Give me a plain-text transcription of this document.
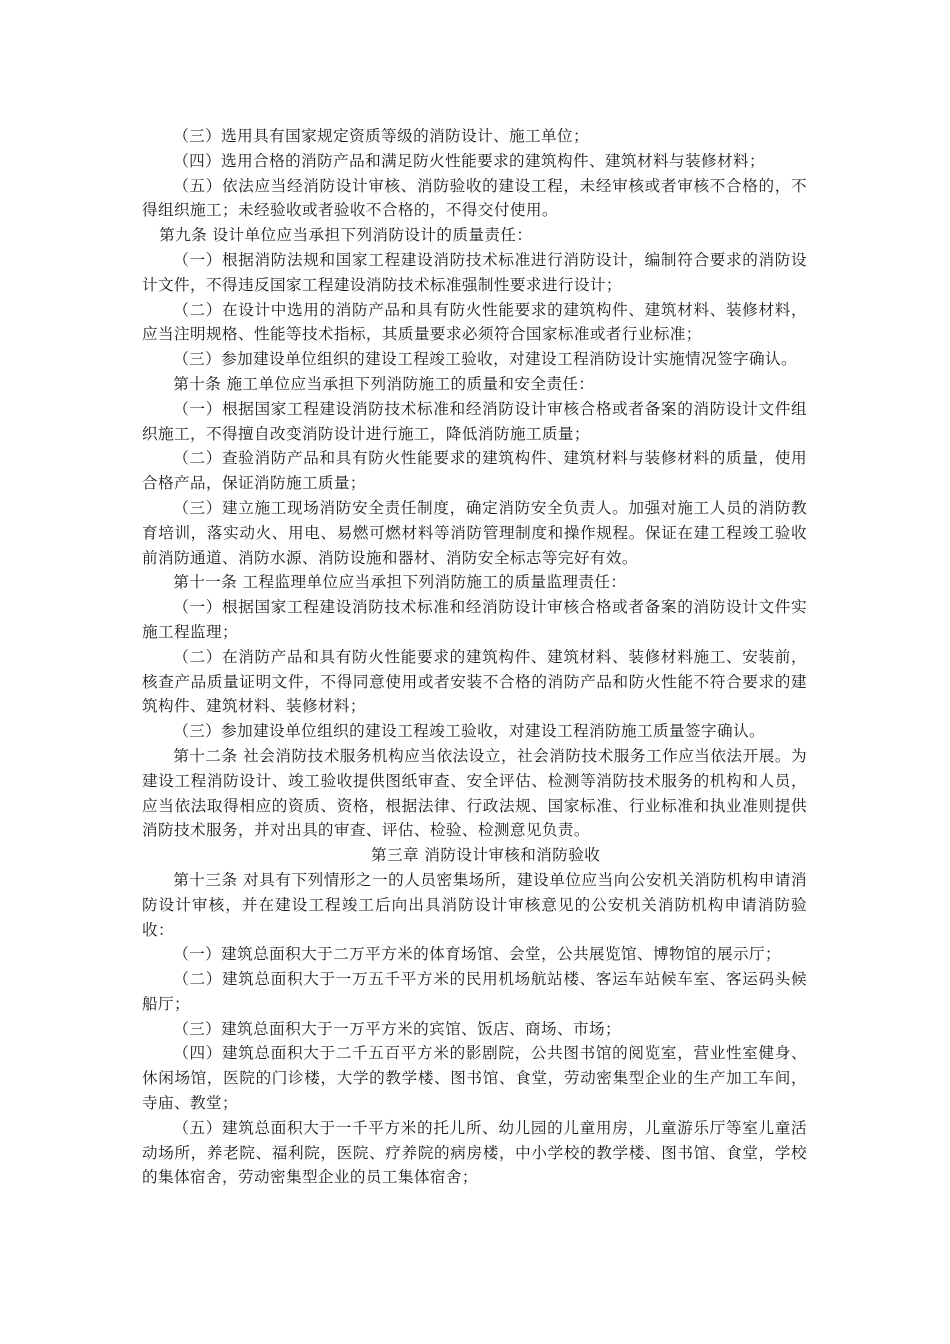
（三）选用具有国家规定资质等级的消防设计、施工单位；

（四）选用合格的消防产品和满足防火性能要求的建筑构件、建筑材料与装修材料；

（五）依法应当经消防设计审核、消防验收的建设工程，未经审核或者审核不合格的，不得组织施工；未经验收或者验收不合格的，不得交付使用。

第九条 设计单位应当承担下列消防设计的质量责任：

（一）根据消防法规和国家工程建设消防技术标准进行消防设计，编制符合要求的消防设计文件，不得违反国家工程建设消防技术标准强制性要求进行设计；

（二）在设计中选用的消防产品和具有防火性能要求的建筑构件、建筑材料、装修材料，应当注明规格、性能等技术指标，其质量要求必须符合国家标准或者行业标准；

（三）参加建设单位组织的建设工程竣工验收，对建设工程消防设计实施情况签字确认。

第十条 施工单位应当承担下列消防施工的质量和安全责任：

（一）根据国家工程建设消防技术标准和经消防设计审核合格或者备案的消防设计文件组织施工，不得擅自改变消防设计进行施工，降低消防施工质量；

（二）查验消防产品和具有防火性能要求的建筑构件、建筑材料与装修材料的质量，使用合格产品，保证消防施工质量；

（三）建立施工现场消防安全责任制度，确定消防安全负责人。加强对施工人员的消防教育培训，落实动火、用电、易燃可燃材料等消防管理制度和操作规程。保证在建工程竣工验收前消防通道、消防水源、消防设施和器材、消防安全标志等完好有效。

第十一条 工程监理单位应当承担下列消防施工的质量监理责任：

（一）根据国家工程建设消防技术标准和经消防设计审核合格或者备案的消防设计文件实施工程监理；

（二）在消防产品和具有防火性能要求的建筑构件、建筑材料、装修材料施工、安装前，核查产品质量证明文件，不得同意使用或者安装不合格的消防产品和防火性能不符合要求的建筑构件、建筑材料、装修材料；

（三）参加建设单位组织的建设工程竣工验收，对建设工程消防施工质量签字确认。

第十二条 社会消防技术服务机构应当依法设立，社会消防技术服务工作应当依法开展。为建设工程消防设计、竣工验收提供图纸审查、安全评估、检测等消防技术服务的机构和人员，应当依法取得相应的资质、资格，根据法律、行政法规、国家标准、行业标准和执业准则提供消防技术服务，并对出具的审查、评估、检验、检测意见负责。

第三章 消防设计审核和消防验收

第十三条 对具有下列情形之一的人员密集场所，建设单位应当向公安机关消防机构申请消防设计审核，并在建设工程竣工后向出具消防设计审核意见的公安机关消防机构申请消防验收：

（一）建筑总面积大于二万平方米的体育场馆、会堂，公共展览馆、博物馆的展示厅；

（二）建筑总面积大于一万五千平方米的民用机场航站楼、客运车站候车室、客运码头候船厅；

（三）建筑总面积大于一万平方米的宾馆、饭店、商场、市场；

（四）建筑总面积大于二千五百平方米的影剧院，公共图书馆的阅览室，营业性室健身、休闲场馆，医院的门诊楼，大学的教学楼、图书馆、食堂，劳动密集型企业的生产加工车间，寺庙、教堂；

（五）建筑总面积大于一千平方米的托儿所、幼儿园的儿童用房，儿童游乐厅等室儿童活动场所，养老院、福利院，医院、疗养院的病房楼，中小学校的教学楼、图书馆、食堂，学校的集体宿舍，劳动密集型企业的员工集体宿舍；
